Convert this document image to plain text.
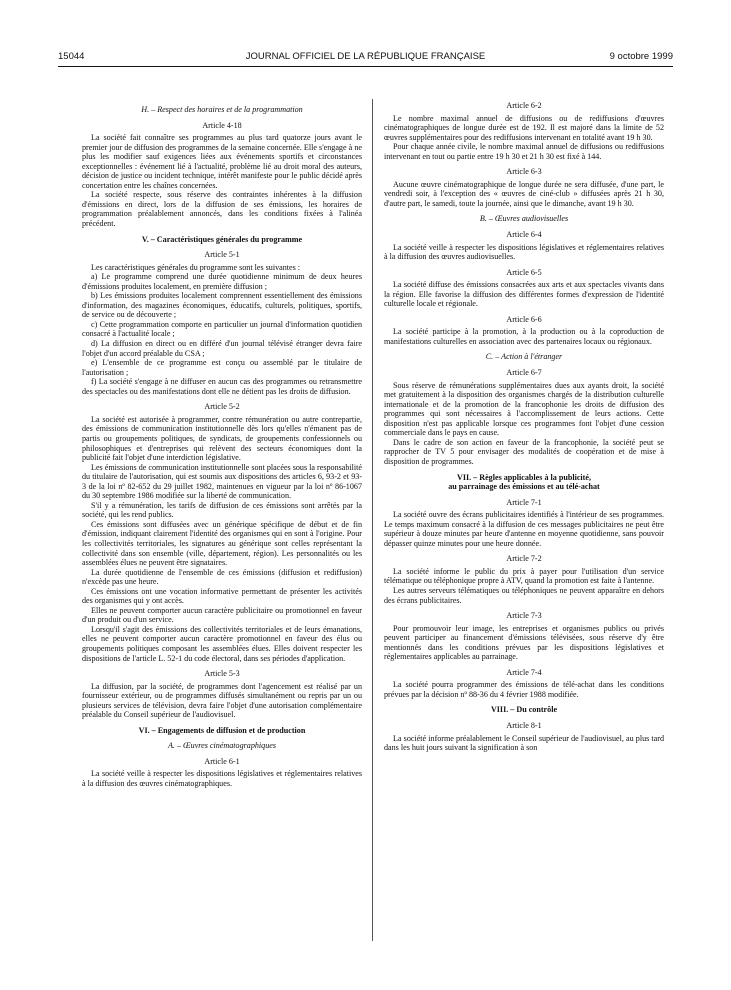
15044	JOURNAL OFFICIEL DE LA RÉPUBLIQUE FRANÇAISE	9 octobre 1999
H. – Respect des horaires et de la programmation
Article 4-18

La société fait connaître ses programmes au plus tard quatorze jours avant le premier jour de diffusion des programmes de la semaine concernée. Elle s'engage à ne plus les modifier sauf exigences liées aux événements sportifs et circonstances exceptionnelles : événement lié à l'actualité, problème lié au droit moral des auteurs, décision de justice ou incident technique, intérêt manifeste pour le public décidé après concertation entre les chaînes concernées.

La société respecte, sous réserve des contraintes inhérentes à la diffusion d'émissions en direct, lors de la diffusion de ses émissions, les horaires de programmation préalablement annoncés, dans les conditions fixées à l'alinéa précédent.

V. – Caractéristiques générales du programme
Article 5-1

Les caractéristiques générales du programme sont les suivantes :

a) Le programme comprend une durée quotidienne minimum de deux heures d'émissions produites localement, en première diffusion ;

b) Les émissions produites localement comprennent essentiellement des émissions d'information, des magazines économiques, éducatifs, culturels, politiques, sportifs, de service ou de découverte ;

c) Cette programmation comporte en particulier un journal d'information quotidien consacré à l'actualité locale ;

d) La diffusion en direct ou en différé d'un journal télévisé étranger devra faire l'objet d'un accord préalable du CSA ;

e) L'ensemble de ce programme est conçu ou assemblé par le titulaire de l'autorisation ;

f) La société s'engage à ne diffuser en aucun cas des programmes ou retransmettre des spectacles ou des manifestations dont elle ne détient pas les droits de diffusion.

Article 5-2

La société est autorisée à programmer, contre rémunération ou autre contrepartie, des émissions de communication institutionnelle dès lors qu'elles n'émanent pas de partis ou groupements politiques, de syndicats, de groupements confessionnels ou philosophiques et d'entreprises qui relèvent des secteurs économiques dont la publicité fait l'objet d'une interdiction législative.

Les émissions de communication institutionnelle sont placées sous la responsabilité du titulaire de l'autorisation, qui est soumis aux dispositions des articles 6, 93-2 et 93-3 de la loi nº 82-652 du 29 juillet 1982, maintenues en vigueur par la loi nº 86-1067 du 30 septembre 1986 modifiée sur la liberté de communication.

S'il y a rémunération, les tarifs de diffusion de ces émissions sont arrêtés par la société, qui les rend publics.

Ces émissions sont diffusées avec un générique spécifique de début et de fin d'émission, indiquant clairement l'identité des organismes qui en sont à l'origine. Pour les collectivités territoriales, les signatures au générique sont celles représentant la collectivité dans son ensemble (ville, département, région). Les personnalités ou les assemblées élues ne peuvent être signataires.

La durée quotidienne de l'ensemble de ces émissions (diffusion et rediffusion) n'excède pas une heure.

Ces émissions ont une vocation informative permettant de présenter les activités des organismes qui y ont accès.

Elles ne peuvent comporter aucun caractère publicitaire ou promotionnel en faveur d'un produit ou d'un service.

Lorsqu'il s'agit des émissions des collectivités territoriales et de leurs émanations, elles ne peuvent comporter aucun caractère promotionnel en faveur des élus ou groupements politiques composant les assemblées élues. Elles doivent respecter les dispositions de l'article L. 52-1 du code électoral, dans ses périodes d'application.

Article 5-3

La diffusion, par la société, de programmes dont l'agencement est réalisé par un fournisseur extérieur, ou de programmes diffusés simultanément ou repris par un ou plusieurs services de télévision, devra faire l'objet d'une autorisation complémentaire préalable du Conseil supérieur de l'audiovisuel.

VI. – Engagements de diffusion et de production
A. – Œuvres cinématographiques
Article 6-1

La société veille à respecter les dispositions législatives et réglementaires relatives à la diffusion des œuvres cinématographiques.

Article 6-2

Le nombre maximal annuel de diffusions ou de rediffusions d'œuvres cinématographiques de longue durée est de 192. Il est majoré dans la limite de 52 œuvres supplémentaires pour des rediffusions intervenant en totalité avant 19 h 30.

Pour chaque année civile, le nombre maximal annuel de diffusions ou rediffusions intervenant en tout ou partie entre 19 h 30 et 21 h 30 est fixé à 144.

Article 6-3

Aucune œuvre cinématographique de longue durée ne sera diffusée, d'une part, le vendredi soir, à l'exception des « œuvres de ciné-club » diffusées après 21 h 30, d'autre part, le samedi, toute la journée, ainsi que le dimanche, avant 19 h 30.

B. – Œuvres audiovisuelles
Article 6-4

La société veille à respecter les dispositions législatives et réglementaires relatives à la diffusion des œuvres audiovisuelles.

Article 6-5

La société diffuse des émissions consacrées aux arts et aux spectacles vivants dans la région. Elle favorise la diffusion des différentes formes d'expression de l'identité culturelle locale et régionale.

Article 6-6

La société participe à la promotion, à la production ou à la coproduction de manifestations culturelles en association avec des partenaires locaux ou régionaux.

C. – Action à l'étranger
Article 6-7

Sous réserve de rémunérations supplémentaires dues aux ayants droit, la société met gratuitement à la disposition des organismes chargés de la distribution culturelle internationale et de la promotion de la francophonie les droits de diffusion des programmes qui sont nécessaires à l'accomplissement de leurs actions. Cette disposition n'est pas applicable lorsque ces programmes font l'objet d'une cession commerciale dans le pays en cause.

Dans le cadre de son action en faveur de la francophonie, la société peut se rapprocher de TV 5 pour envisager des modalités de coopération et de mise à disposition de programmes.

VII. – Règles applicables à la publicité,
au parrainage des émissions et au télé-achat
Article 7-1

La société ouvre des écrans publicitaires identifiés à l'intérieur de ses programmes. Le temps maximum consacré à la diffusion de ces messages publicitaires ne peut être supérieur à douze minutes par heure d'antenne en moyenne quotidienne, sans pouvoir dépasser quinze minutes pour une heure donnée.

Article 7-2

La société informe le public du prix à payer pour l'utilisation d'un service télématique ou téléphonique propre à ATV, quand la promotion est faite à l'antenne.

Les autres serveurs télématiques ou téléphoniques ne peuvent apparaître en dehors des écrans publicitaires.

Article 7-3

Pour promouvoir leur image, les entreprises et organismes publics ou privés peuvent participer au financement d'émissions télévisées, sous réserve d'y être mentionnés dans les conditions prévues par les dispositions législatives et réglementaires applicables au parrainage.

Article 7-4

La société pourra programmer des émissions de télé-achat dans les conditions prévues par la décision nº 88-36 du 4 février 1988 modifiée.

VIII. – Du contrôle
Article 8-1

La société informe préalablement le Conseil supérieur de l'audiovisuel, au plus tard dans les huit jours suivant la signification à son
